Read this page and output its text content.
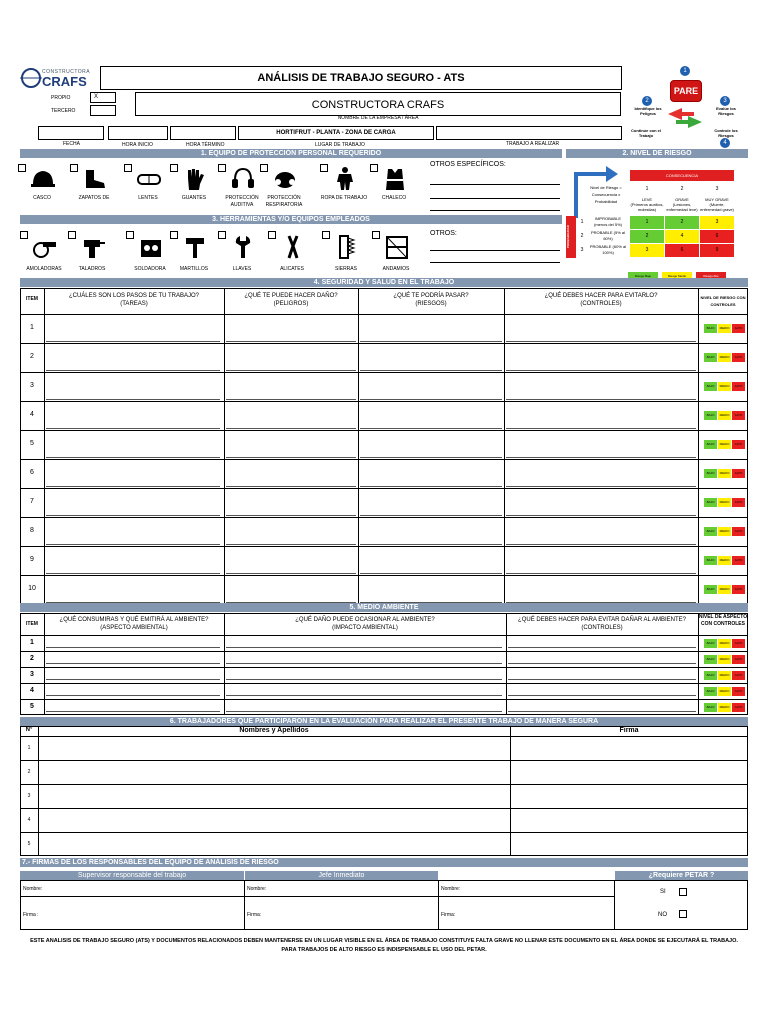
CONSTRUCTORA
CRAFS	ANÁLISIS DE TRABAJO SEGURO - ATS
PARE
1
2	3
4
Identifique los Peligros
Evalúe los Riesgos
Continúe con el Trabajo
Controle los Riesgos
PROPIO	X
TERCERO	CONSTRUCTORA CRAFS
NOMBRE DE LA EMPRESA / ÁREA
HORTIFRUT - PLANTA - ZONA DE CARGA
FECHA	HORA INICIO	HORA TÉRMINO	LUGAR DE TRABAJO	TRABAJO A REALIZAR
1. EQUIPO DE PROTECCIÓN PERSONAL REQUERIDO	2. NIVEL DE RIESGO
CASCO	ZAPATOS DE	LENTES	GUANTES	PROTECCIÓN AUDITIVA
PROTECCIÓN RESPIRATORIA
ROPA DE TRABAJO	CHALECO
OTROS ESPECÍFICOS:
CONSECUENCIA
Nivel de Riesgo = Consecuencia x Probabilidad
1	2	3
LEVE
(Primeros auxilios, molestias)
GRAVE
(Lesiones, enfermedad leve)
MUY GRAVE
(Muerte, enfermedad grave)
PROBABILIDAD
Riesgo Bajo	Riesgo Medio	Riesgo Alto
1
IMPROBABLE (menos del 5%)	1	2	3
2
PROBABLE (5% al 60%)	2	4	6
3
PROBABLE (60% al 100%)	3	6	9
3. HERRAMIENTAS Y/O EQUIPOS EMPLEADOS
AMOLADORAS	TALADROS	SOLDADORA	MARTILLOS	LLAVES	ALICATES	SIERRAS	ANDAMIOS
OTROS:
4. SEGURIDAD Y SALUD EN EL TRABAJO
ITEM	¿CUÁLES SON LOS PASOS DE TU TRABAJO?
(TAREAS)
¿QUÉ TE PUEDE HACER DAÑO?
(PELIGROS)
¿QUÉ TE PODRÍA PASAR?
(RIESGOS)
¿QUÉ DEBES HACER PARA EVITARLO?
(CONTROLES)
NIVEL DE RIESGO CON CONTROLES
1	BAJO	MEDIO	ALTO
2	BAJO	MEDIO	ALTO
3	BAJO	MEDIO	ALTO
4	BAJO	MEDIO	ALTO
5	BAJO	MEDIO	ALTO
6	BAJO	MEDIO	ALTO
7	BAJO	MEDIO	ALTO
8	BAJO	MEDIO	ALTO
9	BAJO	MEDIO	ALTO
10	BAJO	MEDIO	ALTO
5. MEDIO AMBIENTE
ITEM
¿QUÉ CONSUMIRAS Y QUÉ EMITIRÁ AL AMBIENTE?
(ASPECTO AMBIENTAL)
¿QUÉ DAÑO PUEDE OCASIONAR AL AMBIENTE?
(IMPACTO AMBIENTAL)
¿QUÉ DEBES HACER PARA EVITAR DAÑAR AL AMBIENTE?
(CONTROLES)
NIVEL DE ASPECTO CON CONTROLES
1	BAJO	MEDIO	ALTO
2	BAJO	MEDIO	ALTO
3	BAJO	MEDIO	ALTO
4	BAJO	MEDIO	ALTO
5	BAJO	MEDIO	ALTO
6. TRABAJADORES QUE PARTICIPARON EN LA EVALUACIÓN PARA REALIZAR EL PRESENTE TRABAJO DE MANERA SEGURA
N°	Nombres y Apellidos	Firma
1
2
3
4
5
7.- FIRMAS DE LOS RESPONSABLES DEL EQUIPO DE ANÁLISIS DE RIESGO
Supervisor responsable del trabajo	Jefe Inmediato	¿Requiere PETAR ?
Nombre:	Nombre:	Nombre:
Firma :	Firma:	Firma:
SI
NO
ESTE ANALISIS DE TRABAJO SEGURO (ATS) Y DOCUMENTOS RELACIONADOS DEBEN MANTENERSE EN UN LUGAR VISIBLE EN EL ÁREA DE TRABAJO CONSTITUYE FALTA GRAVE NO LLENAR ESTE DOCUMENTO EN EL ÁREA DONDE SE EJECUTARÁ EL TRABAJO. PARA TRABAJOS DE ALTO RIESGO ES INDISPENSABLE EL USO DEL PETAR.
